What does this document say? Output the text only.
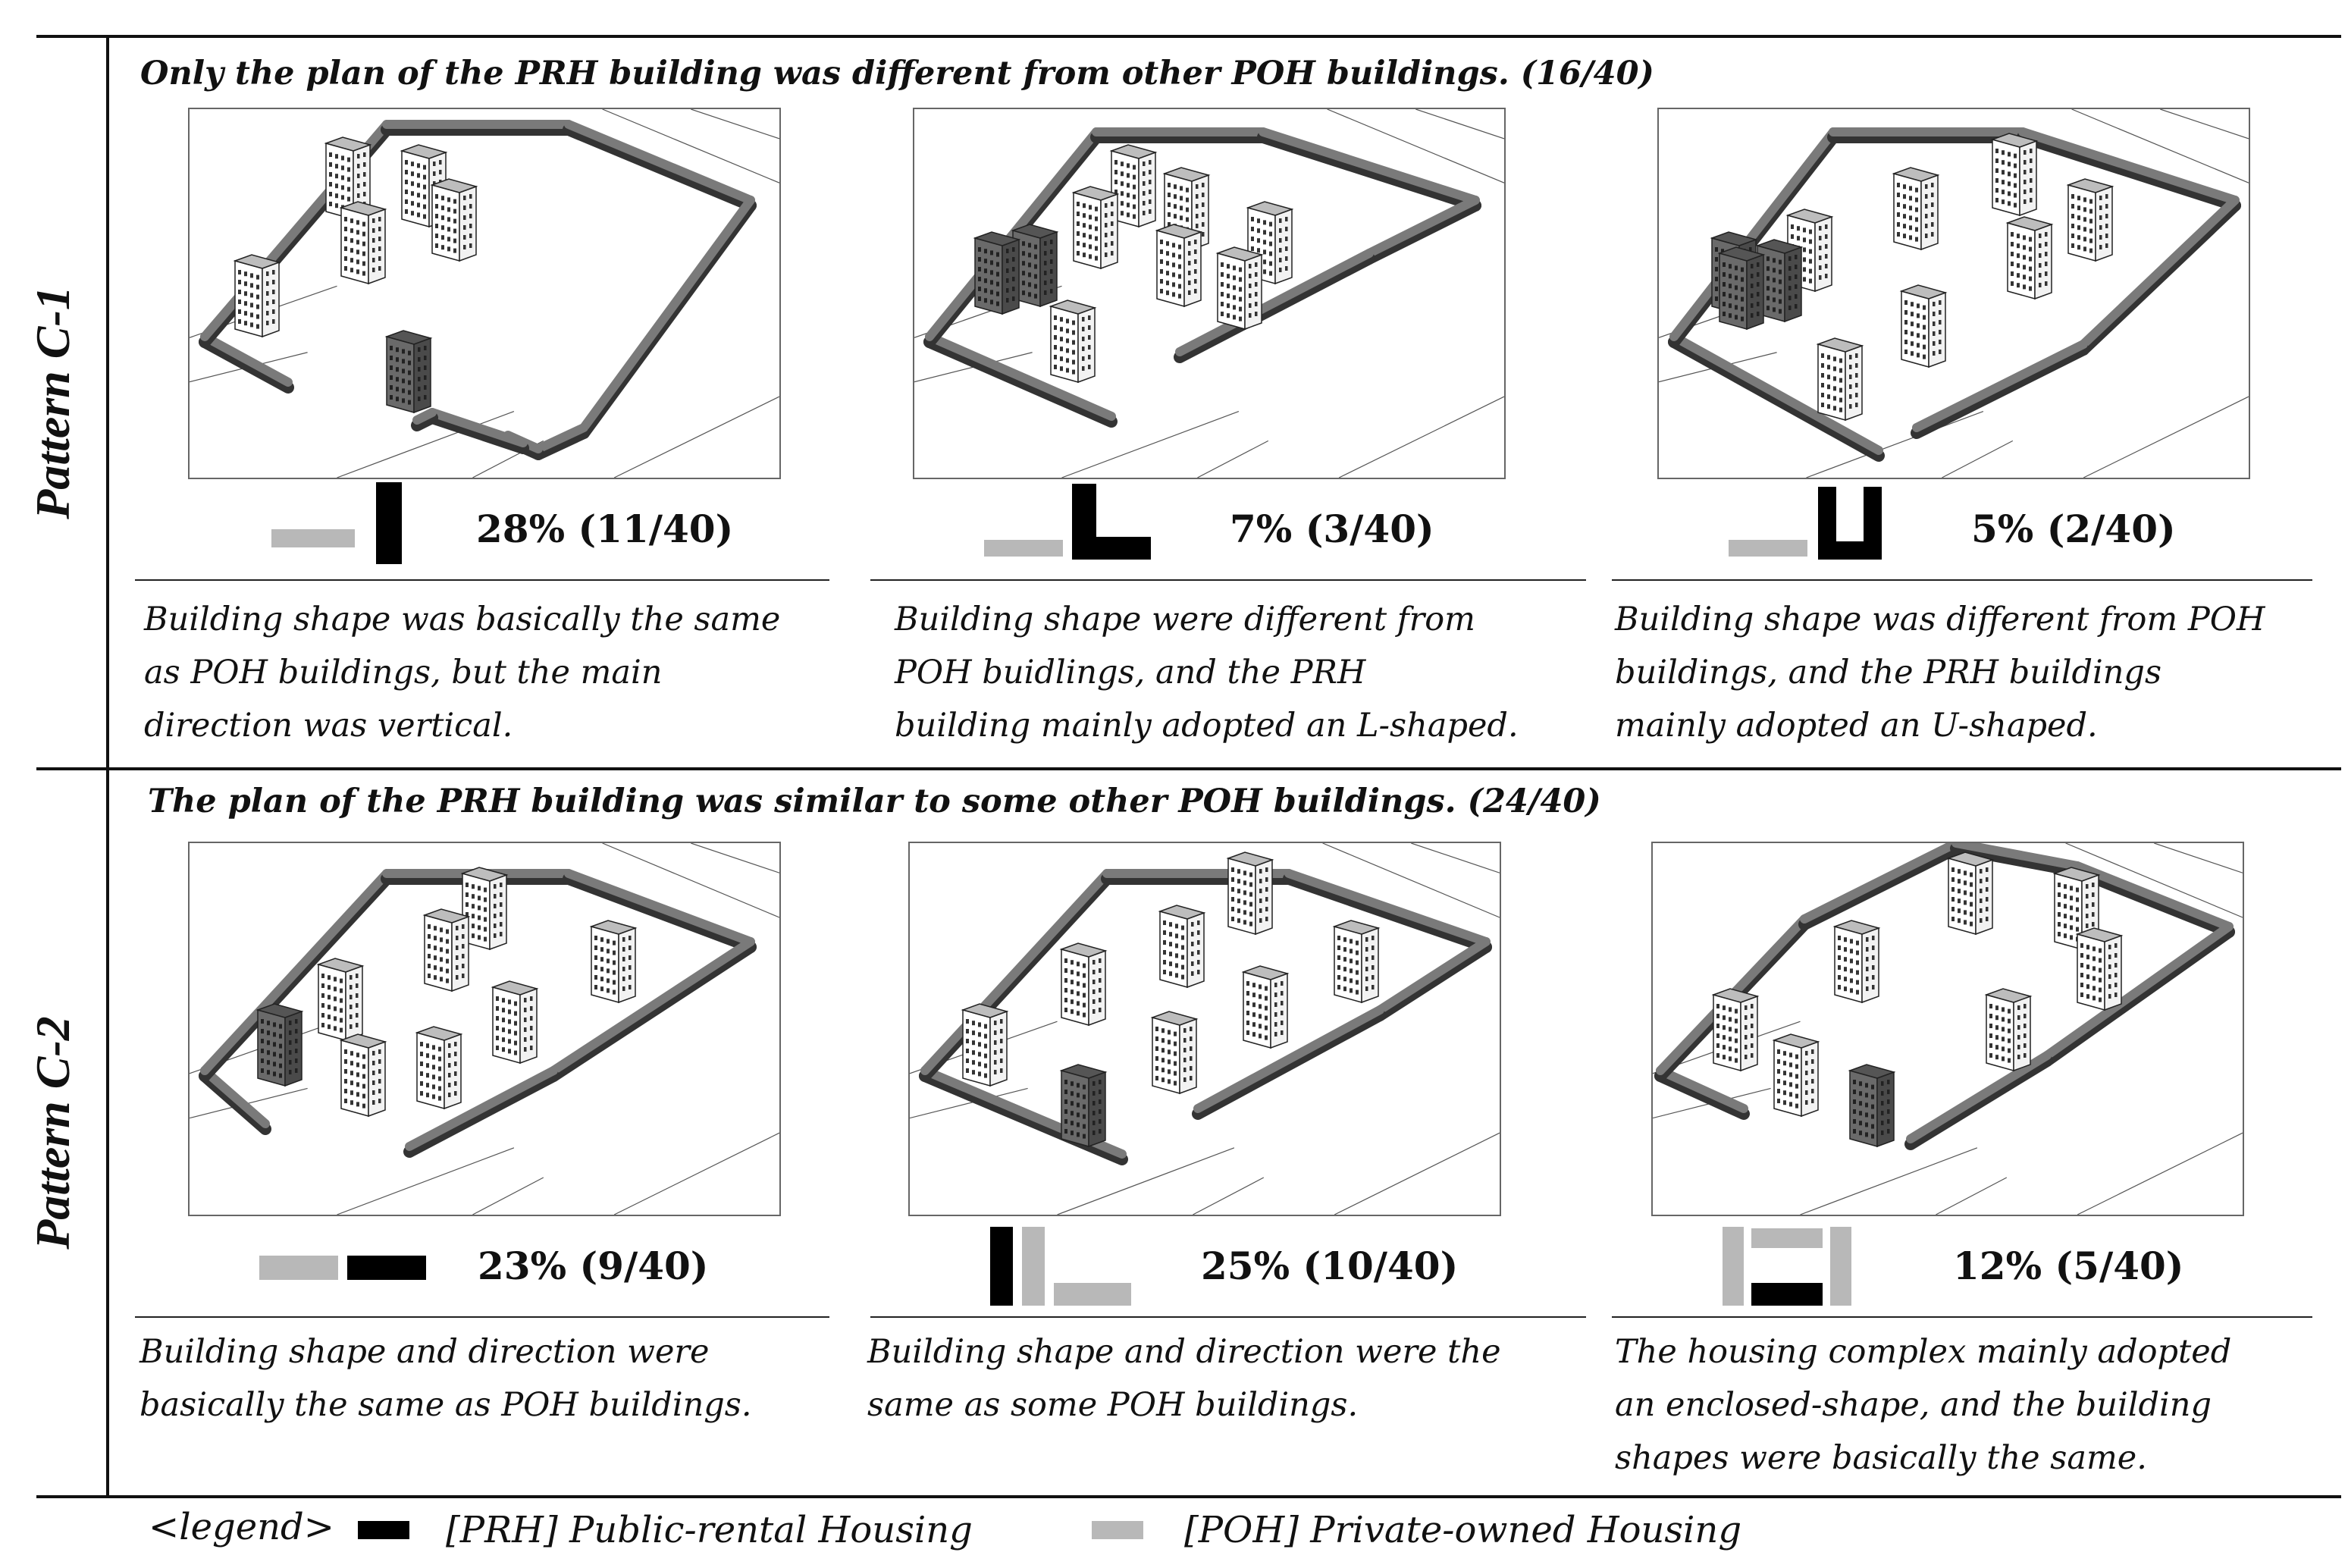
Pattern C-1
Pattern C-2
Only the plan of the PRH building was different from other POH buildings. (16/40)
The plan of the PRH building was similar to some other POH buildings. (24/40)
28% (11/40)	7% (3/40)	5% (2/40)
23% (9/40)	25% (10/40)	12% (5/40)
Building shape was basically the same
as POH buildings, but the main
direction was vertical.
Building shape were different from
POH buidlings, and the PRH
building mainly adopted an L-shaped.
Building shape was different from POH
buildings, and the PRH buildings
mainly adopted an U-shaped.
Building shape and direction were
basically the same as POH buildings.
Building shape and direction were the
same as some POH buildings.
The housing complex mainly adopted
an enclosed-shape, and the building
shapes were basically the same.
<legend>	[PRH] Public-rental Housing	[POH] Private-owned Housing
